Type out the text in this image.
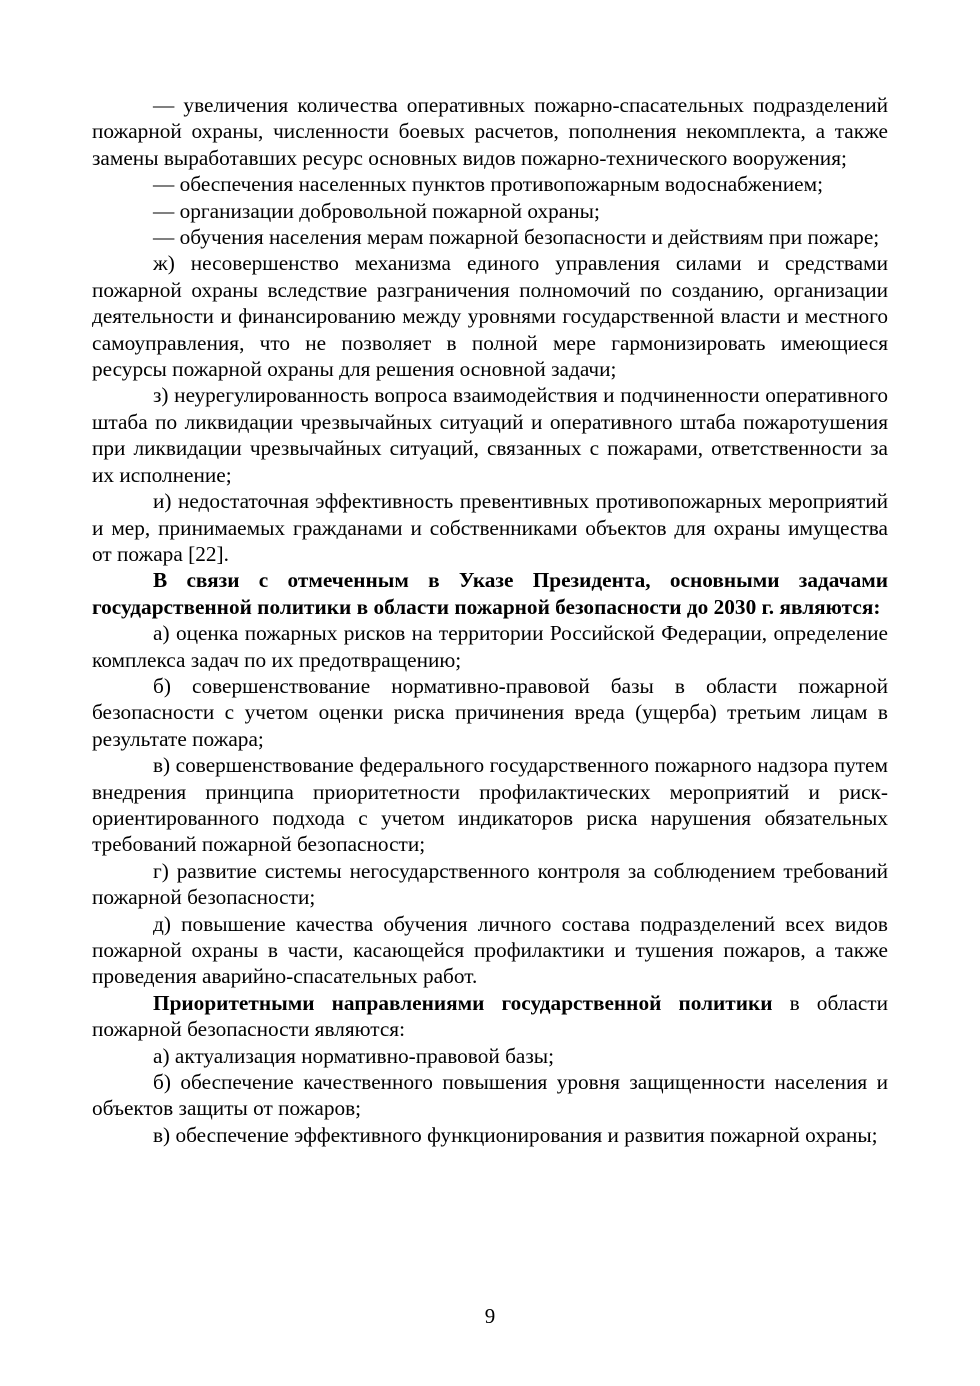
— увеличения количества оперативных пожарно-спасательных подразделений пожарной охраны, численности боевых расчетов, пополнения некомплекта, а также замены выработавших ресурс основных видов пожарно-технического вооружения;

— обеспечения населенных пунктов противопожарным водоснабжением;

— организации добровольной пожарной охраны;

— обучения населения мерам пожарной безопасности и действиям при пожаре;

ж) несовершенство механизма единого управления силами и средствами пожарной охраны вследствие разграничения полномочий по созданию, организации деятельности и финансированию между уровнями государственной власти и местного самоуправления, что не позволяет в полной мере гармонизировать имеющиеся ресурсы пожарной охраны для решения основной задачи;

з) неурегулированность вопроса взаимодействия и подчиненности оперативного штаба по ликвидации чрезвычайных ситуаций и оперативного штаба пожаротушения при ликвидации чрезвычайных ситуаций, связанных с пожарами, ответственности за их исполнение;

и) недостаточная эффективность превентивных противопожарных мероприятий и мер, принимаемых гражданами и собственниками объектов для охраны имущества от пожара [22].

В связи с отмеченным в Указе Президента, основными задачами государственной политики в области пожарной безопасности до 2030 г. являются:

а) оценка пожарных рисков на территории Российской Федерации, определение комплекса задач по их предотвращению;

б) совершенствование нормативно-правовой базы в области пожарной безопасности с учетом оценки риска причинения вреда (ущерба) третьим лицам в результате пожара;

в) совершенствование федерального государственного пожарного надзора путем внедрения принципа приоритетности профилактических мероприятий и риск-ориентированного подхода с учетом индикаторов риска нарушения обязательных требований пожарной безопасности;

г) развитие системы негосударственного контроля за соблюдением требований пожарной безопасности;

д) повышение качества обучения личного состава подразделений всех видов пожарной охраны в части, касающейся профилактики и тушения пожаров, а также проведения аварийно-спасательных работ.

Приоритетными направлениями государственной политики в области пожарной безопасности являются:

а) актуализация нормативно-правовой базы;

б) обеспечение качественного повышения уровня защищенности населения и объектов защиты от пожаров;

в) обеспечение эффективного функционирования и развития пожарной охраны;

9
